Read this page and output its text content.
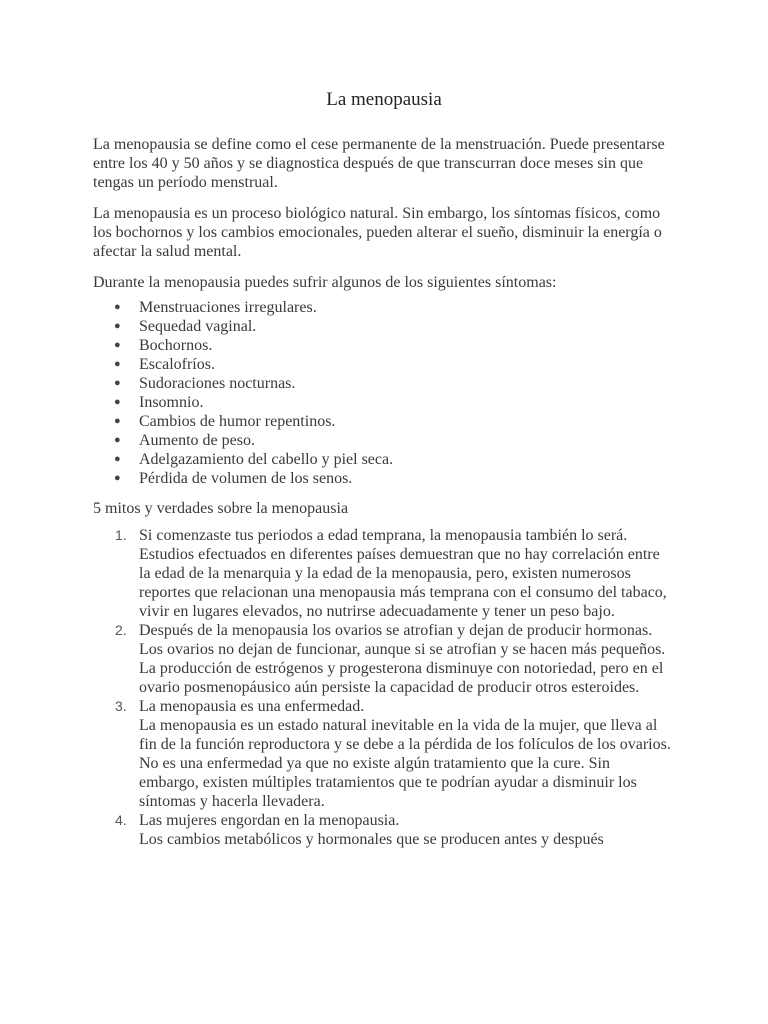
La menopausia

La menopausia se define como el cese permanente de la menstruación. Puede presentarse entre los 40 y 50 años y se diagnostica después de que transcurran doce meses sin que tengas un período menstrual.

La menopausia es un proceso biológico natural. Sin embargo, los síntomas físicos, como los bochornos y los cambios emocionales, pueden alterar el sueño, disminuir la energía o afectar la salud mental.

Durante la menopausia puedes sufrir algunos de los siguientes síntomas:

● Menstruaciones irregulares.
● Sequedad vaginal.
● Bochornos.
● Escalofríos.
● Sudoraciones nocturnas.
● Insomnio.
● Cambios de humor repentinos.
● Aumento de peso.
● Adelgazamiento del cabello y piel seca.
● Pérdida de volumen de los senos.
5 mitos y verdades sobre la menopausia
1. Si comenzaste tus periodos a edad temprana, la menopausia también lo será.
Estudios efectuados en diferentes países demuestran que no hay correlación entre la edad de la menarquia y la edad de la menopausia, pero, existen numerosos reportes que relacionan una menopausia más temprana con el consumo del tabaco, vivir en lugares elevados, no nutrirse adecuadamente y tener un peso bajo.
2. Después de la menopausia los ovarios se atrofian y dejan de producir hormonas.
Los ovarios no dejan de funcionar, aunque si se atrofian y se hacen más pequeños. La producción de estrógenos y progesterona disminuye con notoriedad, pero en el ovario posmenopáusico aún persiste la capacidad de producir otros esteroides.
3. La menopausia es una enfermedad.
La menopausia es un estado natural inevitable en la vida de la mujer, que lleva al fin de la función reproductora y se debe a la pérdida de los folículos de los ovarios. No es una enfermedad ya que no existe algún tratamiento que la cure. Sin embargo, existen múltiples tratamientos que te podrían ayudar a disminuir los síntomas y hacerla llevadera.
4. Las mujeres engordan en la menopausia.
Los cambios metabólicos y hormonales que se producen antes y después
